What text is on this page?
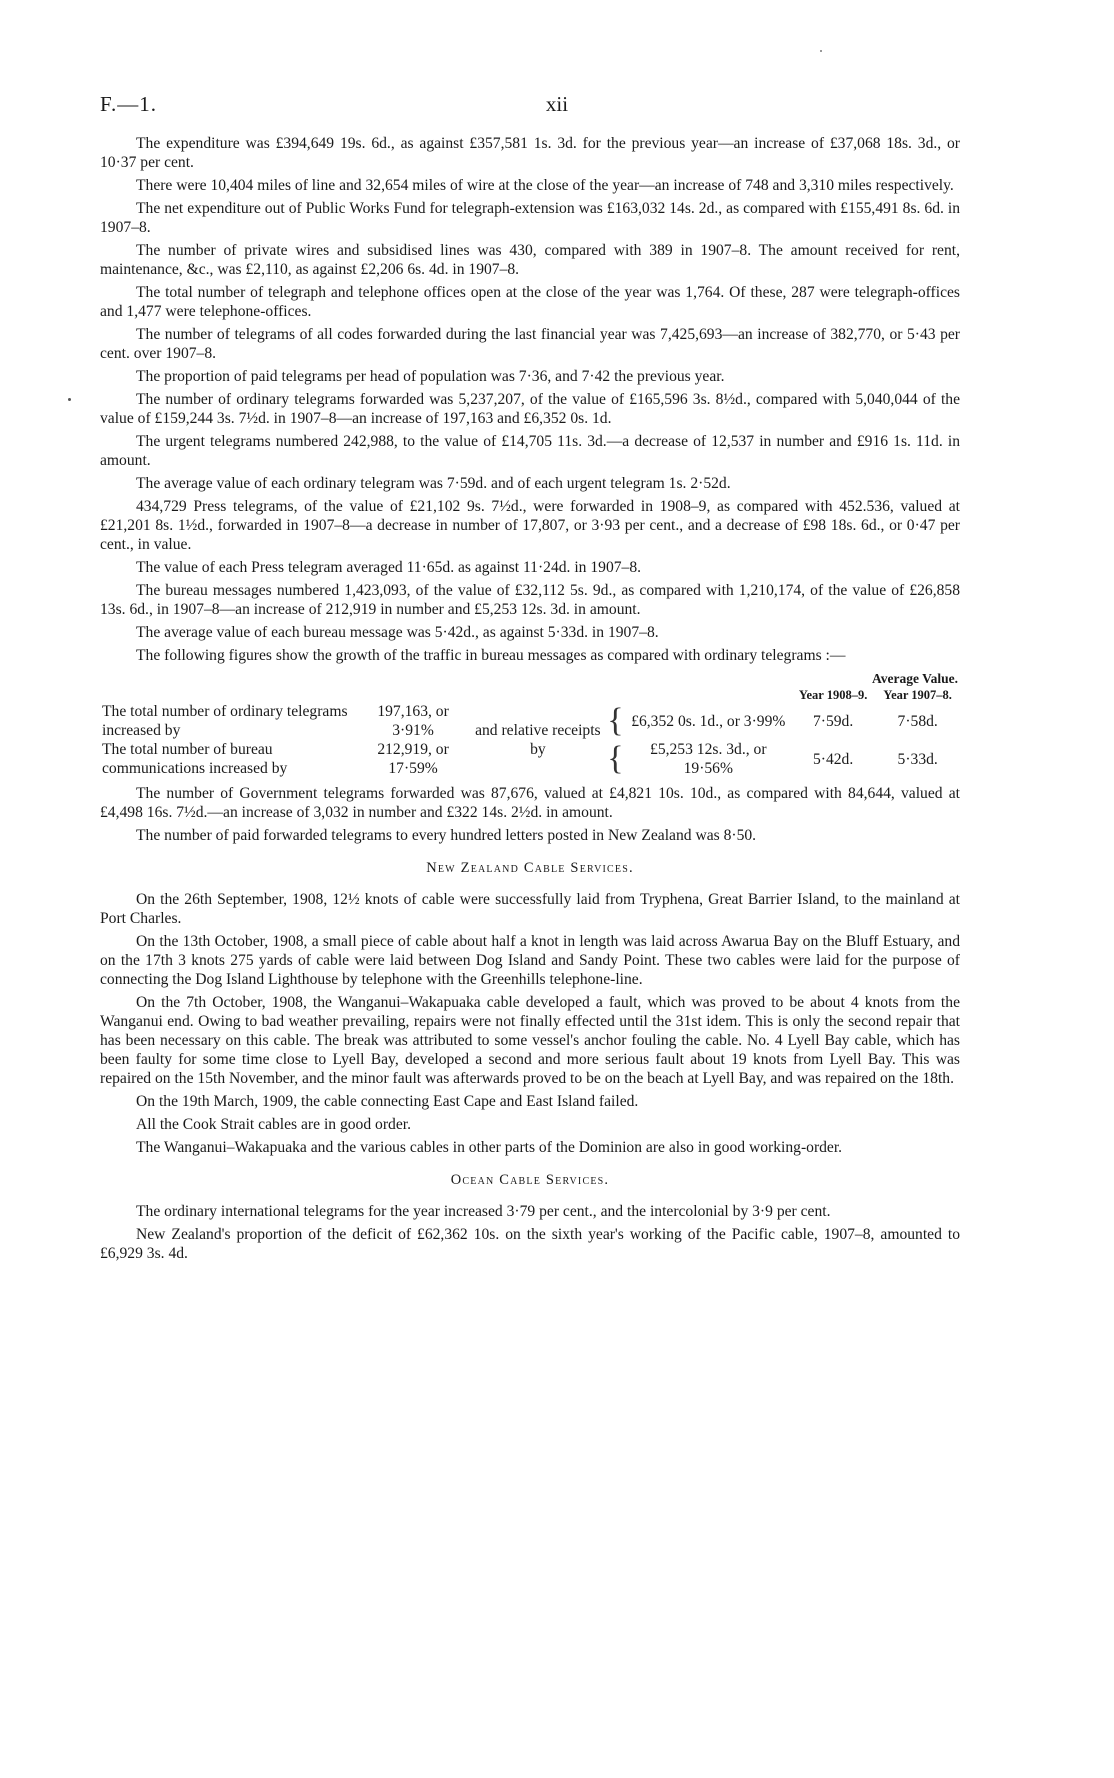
F.—1.	xii

The expenditure was £394,649 19s. 6d., as against £357,581 1s. 3d. for the previous year—an increase of £37,068 18s. 3d., or 10·37 per cent.

There were 10,404 miles of line and 32,654 miles of wire at the close of the year—an increase of 748 and 3,310 miles respectively.

The net expenditure out of Public Works Fund for telegraph-extension was £163,032 14s. 2d., as compared with £155,491 8s. 6d. in 1907–8.

The number of private wires and subsidised lines was 430, compared with 389 in 1907–8. The amount received for rent, maintenance, &c., was £2,110, as against £2,206 6s. 4d. in 1907–8.

The total number of telegraph and telephone offices open at the close of the year was 1,764. Of these, 287 were telegraph-offices and 1,477 were telephone-offices.

The number of telegrams of all codes forwarded during the last financial year was 7,425,693—an increase of 382,770, or 5·43 per cent. over 1907–8.

The proportion of paid telegrams per head of population was 7·36, and 7·42 the previous year.

The number of ordinary telegrams forwarded was 5,237,207, of the value of £165,596 3s. 8½d., compared with 5,040,044 of the value of £159,244 3s. 7½d. in 1907–8—an increase of 197,163 and £6,352 0s. 1d.

The urgent telegrams numbered 242,988, to the value of £14,705 11s. 3d.—a decrease of 12,537 in number and £916 1s. 11d. in amount.

The average value of each ordinary telegram was 7·59d. and of each urgent telegram 1s. 2·52d.

434,729 Press telegrams, of the value of £21,102 9s. 7½d., were forwarded in 1908–9, as compared with 452.536, valued at £21,201 8s. 1½d., forwarded in 1907–8—a decrease in number of 17,807, or 3·93 per cent., and a decrease of £98 18s. 6d., or 0·47 per cent., in value.

The value of each Press telegram averaged 11·65d. as against 11·24d. in 1907–8.

The bureau messages numbered 1,423,093, of the value of £32,112 5s. 9d., as compared with 1,210,174, of the value of £26,858 13s. 6d., in 1907–8—an increase of 212,919 in number and £5,253 12s. 3d. in amount.

The average value of each bureau message was 5·42d., as against 5·33d. in 1907–8.

The following figures show the growth of the traffic in bureau messages as compared with ordinary telegrams :—

					Average Value.	
					Year 1908–9.	Year 1907–8.
The total number of ordinary telegrams increased by	197,163, or 3·91%	and relative receipts by	{	£6,352 0s. 1d., or 3·99%	7·59d.	7·58d.
The total number of bureau communications increased by	212,919, or 17·59%		{	£5,253 12s. 3d., or 19·56%	5·42d.	5·33d.

The number of Government telegrams forwarded was 87,676, valued at £4,821 10s. 10d., as compared with 84,644, valued at £4,498 16s. 7½d.—an increase of 3,032 in number and £322 14s. 2½d. in amount.

The number of paid forwarded telegrams to every hundred letters posted in New Zealand was 8·50.

New Zealand Cable Services.

On the 26th September, 1908, 12½ knots of cable were successfully laid from Tryphena, Great Barrier Island, to the mainland at Port Charles.

On the 13th October, 1908, a small piece of cable about half a knot in length was laid across Awarua Bay on the Bluff Estuary, and on the 17th 3 knots 275 yards of cable were laid between Dog Island and Sandy Point. These two cables were laid for the purpose of connecting the Dog Island Lighthouse by telephone with the Greenhills telephone-line.

On the 7th October, 1908, the Wanganui–Wakapuaka cable developed a fault, which was proved to be about 4 knots from the Wanganui end. Owing to bad weather prevailing, repairs were not finally effected until the 31st idem. This is only the second repair that has been necessary on this cable. The break was attributed to some vessel's anchor fouling the cable. No. 4 Lyell Bay cable, which has been faulty for some time close to Lyell Bay, developed a second and more serious fault about 19 knots from Lyell Bay. This was repaired on the 15th November, and the minor fault was afterwards proved to be on the beach at Lyell Bay, and was repaired on the 18th.

On the 19th March, 1909, the cable connecting East Cape and East Island failed.

All the Cook Strait cables are in good order.

The Wanganui–Wakapuaka and the various cables in other parts of the Dominion are also in good working-order.

Ocean Cable Services.

The ordinary international telegrams for the year increased 3·79 per cent., and the intercolonial by 3·9 per cent.

New Zealand's proportion of the deficit of £62,362 10s. on the sixth year's working of the Pacific cable, 1907–8, amounted to £6,929 3s. 4d.
